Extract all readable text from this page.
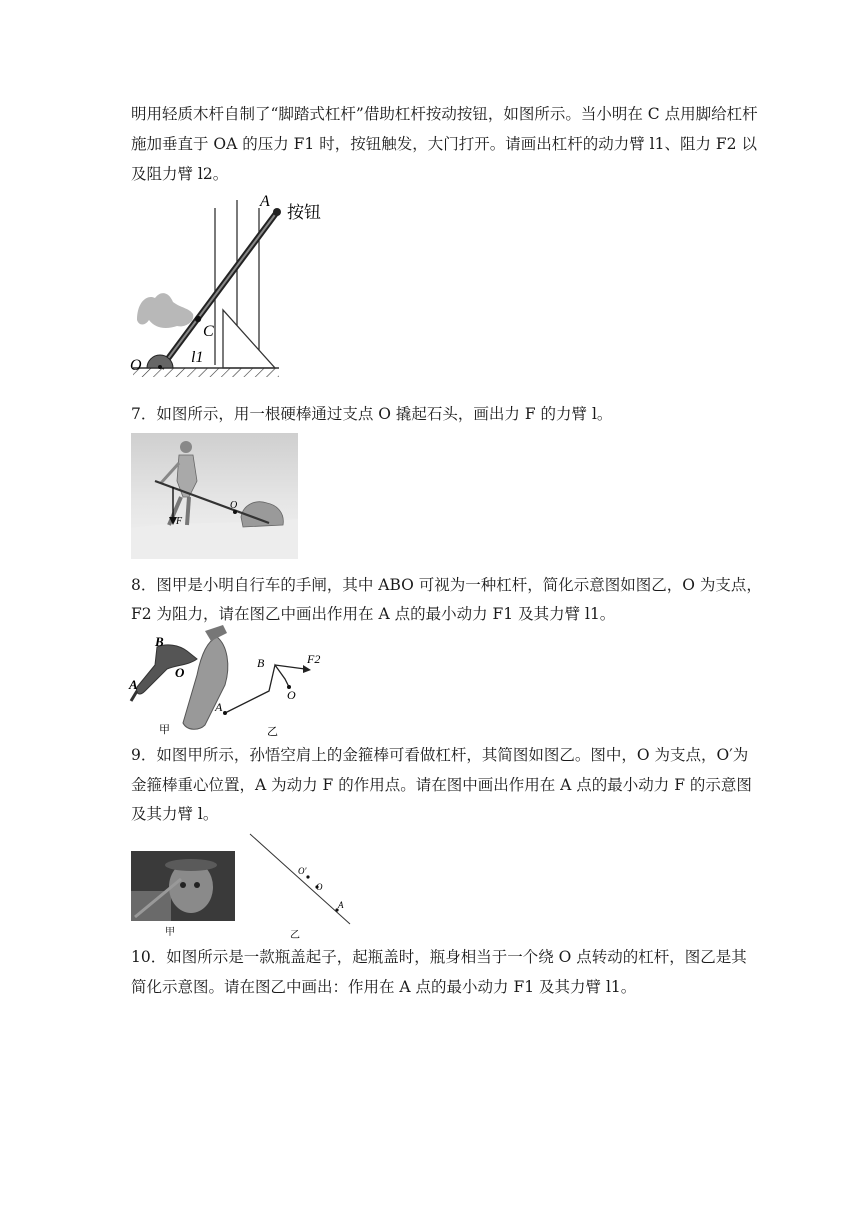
明用轻质木杆自制了“脚踏式杠杆”借助杠杆按动按钮，如图所示。当小明在 C 点用脚给杠杆
施加垂直于 OA 的压力 F1 时，按钮触发，大门打开。请画出杠杆的动力臂 l1、阻力 F2 以
及阻力臂 l2。
A
按钮
C
O	l1
7．如图所示，用一根硬棒通过支点 O 撬起石头，画出力 F 的力臂 l。
O
F
8．图甲是小明自行车的手闸，其中 ABO 可视为一种杠杆，简化示意图如图乙，O 为支点，
F2 为阻力，请在图乙中画出作用在 A 点的最小动力 F1 及其力臂 l1。
B
O
A
甲
B	F2
O
A
乙
9．如图甲所示，孙悟空肩上的金箍棒可看做杠杆，其简图如图乙。图中，O 为支点，O′为
金箍棒重心位置，A 为动力 F 的作用点。请在图中画出作用在 A 点的最小动力 F 的示意图
及其力臂 l。
甲
O′
O
A
乙
10．如图所示是一款瓶盖起子，起瓶盖时，瓶身相当于一个绕 O 点转动的杠杆，图乙是其
简化示意图。请在图乙中画出：作用在 A 点的最小动力 F1 及其力臂 l1。
